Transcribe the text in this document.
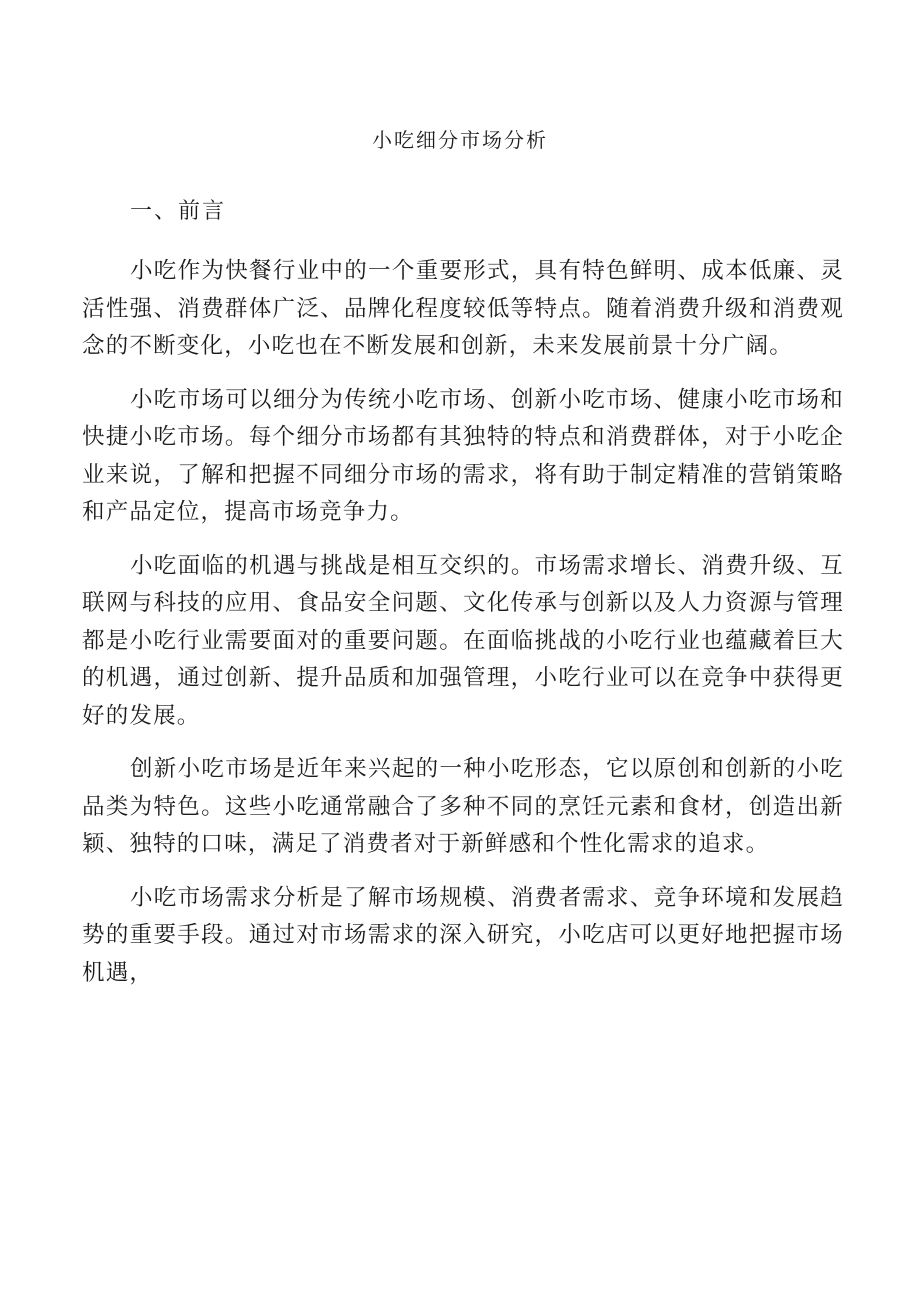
小吃细分市场分析
一、前言

小吃作为快餐行业中的一个重要形式，具有特色鲜明、成本低廉、灵活性强、消费群体广泛、品牌化程度较低等特点。随着消费升级和消费观念的不断变化，小吃也在不断发展和创新，未来发展前景十分广阔。

小吃市场可以细分为传统小吃市场、创新小吃市场、健康小吃市场和快捷小吃市场。每个细分市场都有其独特的特点和消费群体，对于小吃企业来说，了解和把握不同细分市场的需求，将有助于制定精准的营销策略和产品定位，提高市场竞争力。

小吃面临的机遇与挑战是相互交织的。市场需求增长、消费升级、互联网与科技的应用、食品安全问题、文化传承与创新以及人力资源与管理都是小吃行业需要面对的重要问题。在面临挑战的小吃行业也蕴藏着巨大的机遇，通过创新、提升品质和加强管理，小吃行业可以在竞争中获得更好的发展。

创新小吃市场是近年来兴起的一种小吃形态，它以原创和创新的小吃品类为特色。这些小吃通常融合了多种不同的烹饪元素和食材，创造出新颖、独特的口味，满足了消费者对于新鲜感和个性化需求的追求。

小吃市场需求分析是了解市场规模、消费者需求、竞争环境和发展趋势的重要手段。通过对市场需求的深入研究，小吃店可以更好地把握市场机遇，
